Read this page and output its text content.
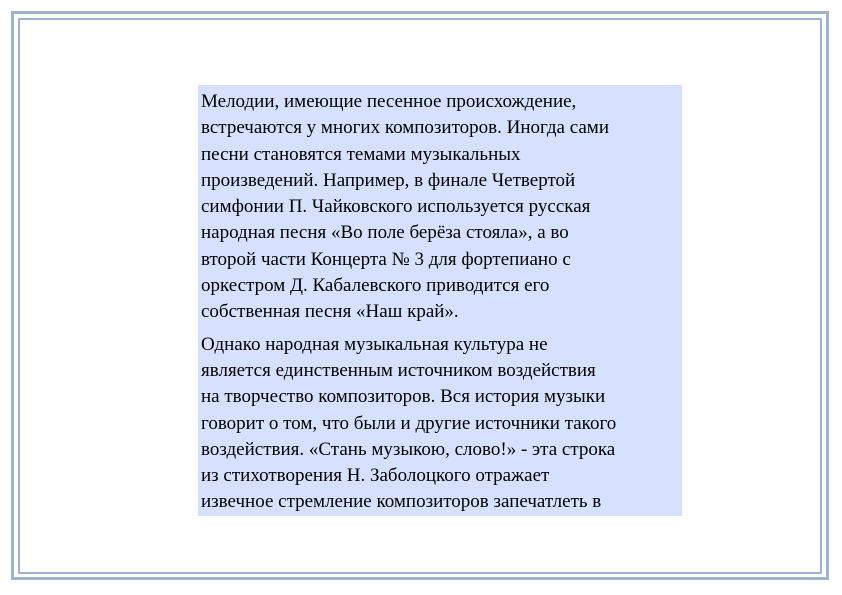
Мелодии, имеющие песенное происхождение,
встречаются у многих композиторов. Иногда сами
песни становятся темами музыкальных
произведений. Например, в финале Четвертой
симфонии П. Чайковского используется русская
народная песня «Во поле берёза стояла», а во
второй части Концерта № 3 для фортепиано с
оркестром Д. Кабалевского приводится его
собственная песня «Наш край».
Однако народная музыкальная культура не
является единственным источником воздействия
на творчество композиторов. Вся история музыки
говорит о том, что были и другие источники такого
воздействия. «Стань музыкою, слово!» - эта строка
из стихотворения Н. Заболоцкого отражает
извечное стремление композиторов запечатлеть в
